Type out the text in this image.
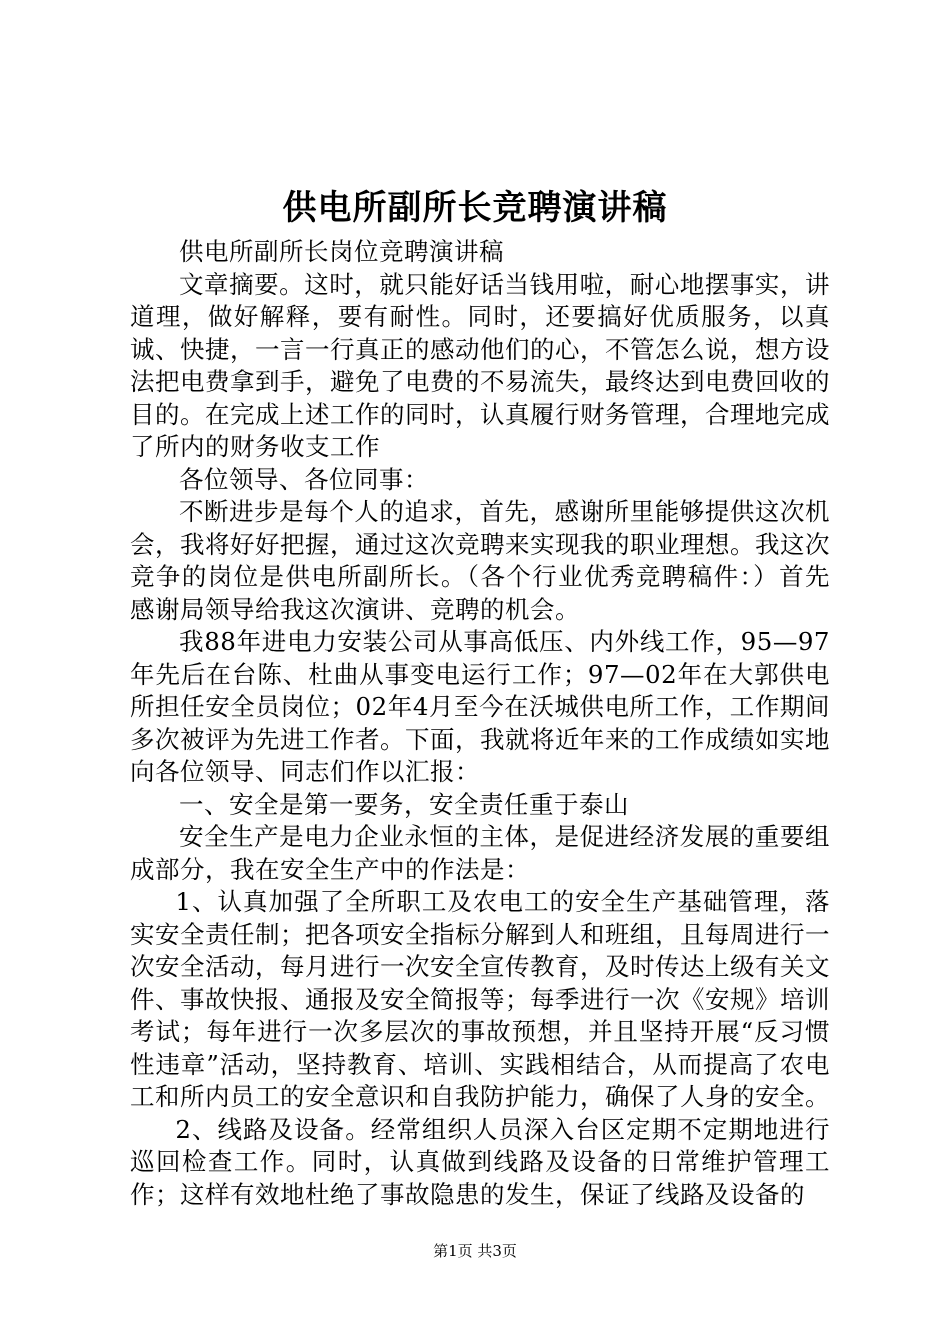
供电所副所长竞聘演讲稿

供电所副所长岗位竞聘演讲稿

文章摘要。这时，就只能好话当钱用啦，耐心地摆事实，讲道理，做好解释，要有耐性。同时，还要搞好优质服务，以真诚、快捷，一言一行真正的感动他们的心，不管怎么说，想方设法把电费拿到手，避免了电费的不易流失，最终达到电费回收的目的。在完成上述工作的同时，认真履行财务管理，合理地完成了所内的财务收支工作

各位领导、各位同事：

不断进步是每个人的追求，首先，感谢所里能够提供这次机会，我将好好把握，通过这次竞聘来实现我的职业理想。我这次竞争的岗位是供电所副所长。（各个行业优秀竞聘稿件：）首先感谢局领导给我这次演讲、竞聘的机会。

我88年进电力安装公司从事高低压、内外线工作，95—97年先后在台陈、杜曲从事变电运行工作；97—02年在大郭供电所担任安全员岗位；02年4月至今在沃城供电所工作，工作期间多次被评为先进工作者。下面，我就将近年来的工作成绩如实地向各位领导、同志们作以汇报：

一、安全是第一要务，安全责任重于泰山

安全生产是电力企业永恒的主体，是促进经济发展的重要组成部分，我在安全生产中的作法是：

1、认真加强了全所职工及农电工的安全生产基础管理，落实安全责任制；把各项安全指标分解到人和班组，且每周进行一次安全活动，每月进行一次安全宣传教育，及时传达上级有关文件、事故快报、通报及安全简报等；每季进行一次《安规》培训考试；每年进行一次多层次的事故预想，并且坚持开展“反习惯性违章”活动，坚持教育、培训、实践相结合，从而提高了农电工和所内员工的安全意识和自我防护能力，确保了人身的安全。

2、线路及设备。经常组织人员深入台区定期不定期地进行巡回检查工作。同时，认真做到线路及设备的日常维护管理工作；这样有效地杜绝了事故隐患的发生，保证了线路及设备的

第1页 共3页
